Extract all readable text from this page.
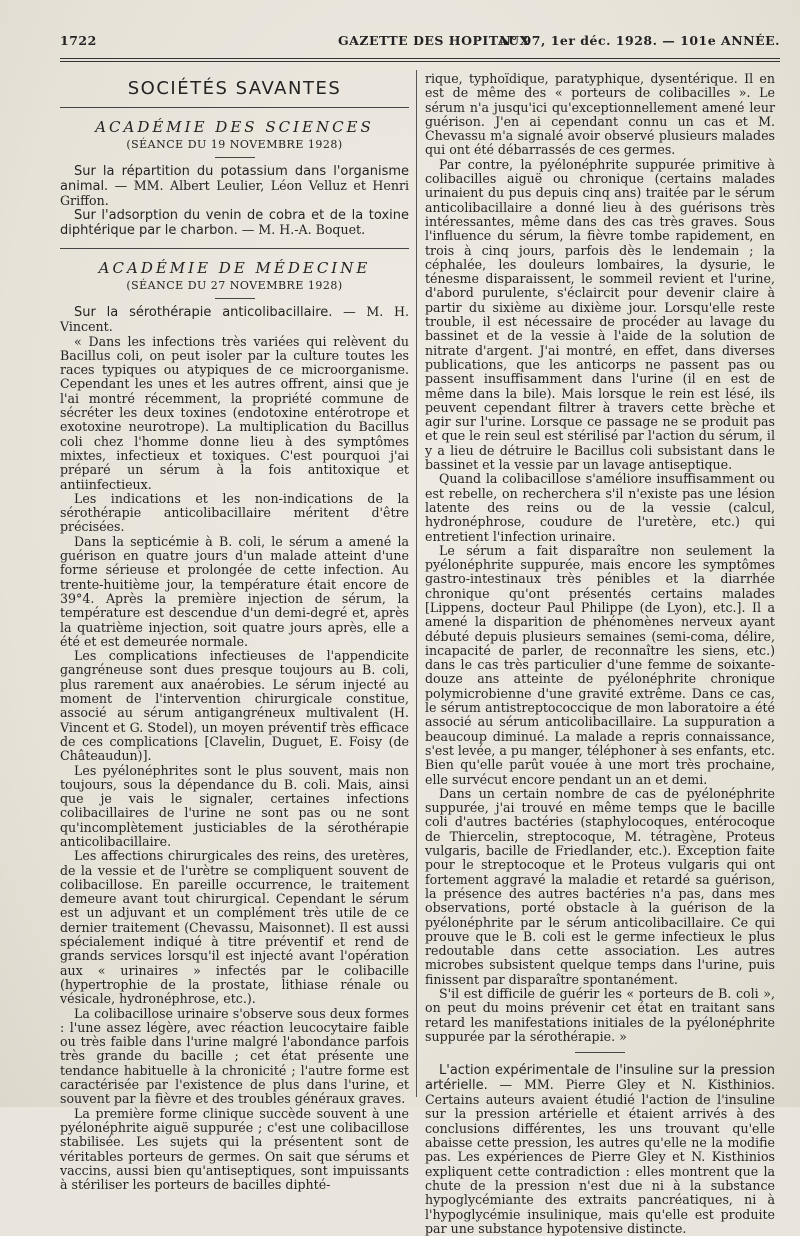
1722	GAZETTE DES HOPITAUX
N° 97, 1er déc. 1928. — 101e ANNÉE.
SOCIÉTÉS SAVANTES
ACADÉMIE DES SCIENCES
(SÉANCE DU 19 NOVEMBRE 1928)

Sur la répartition du potassium dans l'organisme animal. — MM. Albert Leulier, Léon Velluz et Henri Griffon.

Sur l'adsorption du venin de cobra et de la toxine diphtérique par le charbon. — M. H.-A. Boquet.

ACADÉMIE DE MÉDECINE
(SÉANCE DU 27 NOVEMBRE 1928)

Sur la sérothérapie anticolibacillaire. — M. H. Vincent.

« Dans les infections très variées qui relèvent du Bacillus coli, on peut isoler par la culture toutes les races typiques ou atypiques de ce microorganisme. Cependant les unes et les autres offrent, ainsi que je l'ai montré récemment, la propriété commune de sécréter les deux toxines (endotoxine entérotrope et exotoxine neurotrope). La multiplication du Bacillus coli chez l'homme donne lieu à des symptômes mixtes, infectieux et toxiques. C'est pourquoi j'ai préparé un sérum à la fois antitoxique et antiinfectieux.

Les indications et les non-indications de la sérothérapie anticolibacillaire méritent d'être précisées.

Dans la septicémie à B. coli, le sérum a amené la guérison en quatre jours d'un malade atteint d'une forme sérieuse et prolongée de cette infection. Au trente-huitième jour, la température était encore de 39°4. Après la première injection de sérum, la température est descendue d'un demi-degré et, après la quatrième injection, soit quatre jours après, elle a été et est demeurée normale.

Les complications infectieuses de l'appendicite gangréneuse sont dues presque toujours au B. coli, plus rarement aux anaérobies. Le sérum injecté au moment de l'intervention chirurgicale constitue, associé au sérum antigangréneux multivalent (H. Vincent et G. Stodel), un moyen préventif très efficace de ces complications [Clavelin, Duguet, E. Foisy (de Châteaudun)].

Les pyélonéphrites sont le plus souvent, mais non toujours, sous la dépendance du B. coli. Mais, ainsi que je vais le signaler, certaines infections colibacillaires de l'urine ne sont pas ou ne sont qu'incomplètement justiciables de la sérothérapie anticolibacillaire.

Les affections chirurgicales des reins, des uretères, de la vessie et de l'urètre se compliquent souvent de colibacillose. En pareille occurrence, le traitement demeure avant tout chirurgical. Cependant le sérum est un adjuvant et un complément très utile de ce dernier traitement (Chevassu, Maisonnet). Il est aussi spécialement indiqué à titre préventif et rend de grands services lorsqu'il est injecté avant l'opération aux « urinaires » infectés par le colibacille (hypertrophie de la prostate, lithiase rénale ou vésicale, hydronéphrose, etc.).

La colibacillose urinaire s'observe sous deux formes : l'une assez légère, avec réaction leucocytaire faible ou très faible dans l'urine malgré l'abondance parfois très grande du bacille ; cet état présente une tendance habituelle à la chronicité ; l'autre forme est caractérisée par l'existence de plus dans l'urine, et souvent par la fièvre et des troubles généraux graves.

La première forme clinique succède souvent à une pyélonéphrite aiguë suppurée ; c'est une colibacillose stabilisée. Les sujets qui la présentent sont de véritables porteurs de germes. On sait que sérums et vaccins, aussi bien qu'antiseptiques, sont impuissants à stériliser les porteurs de bacilles diphté-

rique, typhoïdique, paratyphique, dysentérique. Il en est de même des « porteurs de colibacilles ». Le sérum n'a jusqu'ici qu'exceptionnellement amené leur guérison. J'en ai cependant connu un cas et M. Chevassu m'a signalé avoir observé plusieurs malades qui ont été débarrassés de ces germes.

Par contre, la pyélonéphrite suppurée primitive à colibacilles aiguë ou chronique (certains malades urinaient du pus depuis cinq ans) traitée par le sérum anticolibacillaire a donné lieu à des guérisons très intéressantes, même dans des cas très graves. Sous l'influence du sérum, la fièvre tombe rapidement, en trois à cinq jours, parfois dès le lendemain ; la céphalée, les douleurs lombaires, la dysurie, le ténesme disparaissent, le sommeil revient et l'urine, d'abord purulente, s'éclaircit pour devenir claire à partir du sixième au dixième jour. Lorsqu'elle reste trouble, il est nécessaire de procéder au lavage du bassinet et de la vessie à l'aide de la solution de nitrate d'argent. J'ai montré, en effet, dans diverses publications, que les anticorps ne passent pas ou passent insuffisamment dans l'urine (il en est de même dans la bile). Mais lorsque le rein est lésé, ils peuvent cependant filtrer à travers cette brèche et agir sur l'urine. Lorsque ce passage ne se produit pas et que le rein seul est stérilisé par l'action du sérum, il y a lieu de détruire le Bacillus coli subsistant dans le bassinet et la vessie par un lavage antiseptique.

Quand la colibacillose s'améliore insuffisamment ou est rebelle, on recherchera s'il n'existe pas une lésion latente des reins ou de la vessie (calcul, hydronéphrose, coudure de l'uretère, etc.) qui entretient l'infection urinaire.

Le sérum a fait disparaître non seulement la pyélonéphrite suppurée, mais encore les symptômes gastro-intestinaux très pénibles et la diarrhée chronique qu'ont présentés certains malades [Lippens, docteur Paul Philippe (de Lyon), etc.]. Il a amené la disparition de phénomènes nerveux ayant débuté depuis plusieurs semaines (semi-coma, délire, incapacité de parler, de reconnaître les siens, etc.) dans le cas très particulier d'une femme de soixante-douze ans atteinte de pyélonéphrite chronique polymicrobienne d'une gravité extrême. Dans ce cas, le sérum antistreptococcique de mon laboratoire a été associé au sérum anticolibacillaire. La suppuration a beaucoup diminué. La malade a repris connaissance, s'est levée, a pu manger, téléphoner à ses enfants, etc. Bien qu'elle parût vouée à une mort très prochaine, elle survécut encore pendant un an et demi.

Dans un certain nombre de cas de pyélonéphrite suppurée, j'ai trouvé en même temps que le bacille coli d'autres bactéries (staphylocoques, entérocoque de Thiercelin, streptocoque, M. tétragène, Proteus vulgaris, bacille de Friedlander, etc.). Exception faite pour le streptocoque et le Proteus vulgaris qui ont fortement aggravé la maladie et retardé sa guérison, la présence des autres bactéries n'a pas, dans mes observations, porté obstacle à la guérison de la pyélonéphrite par le sérum anticolibacillaire. Ce qui prouve que le B. coli est le germe infectieux le plus redoutable dans cette association. Les autres microbes subsistent quelque temps dans l'urine, puis finissent par disparaître spontanément.

S'il est difficile de guérir les « porteurs de B. coli », on peut du moins prévenir cet état en traitant sans retard les manifestations initiales de la pyélonéphrite suppurée par la sérothérapie. »

L'action expérimentale de l'insuline sur la pression artérielle. — MM. Pierre Gley et N. Kisthinios. Certains auteurs avaient étudié l'action de l'insuline sur la pression artérielle et étaient arrivés à des conclusions différentes, les uns trouvant qu'elle abaisse cette pression, les autres qu'elle ne la modifie pas. Les expériences de Pierre Gley et N. Kisthinios expliquent cette contradiction : elles montrent que la chute de la pression n'est due ni à la substance hypoglycémiante des extraits pancréatiques, ni à l'hypoglycémie insulinique, mais qu'elle est produite par une substance hypotensive distincte.
